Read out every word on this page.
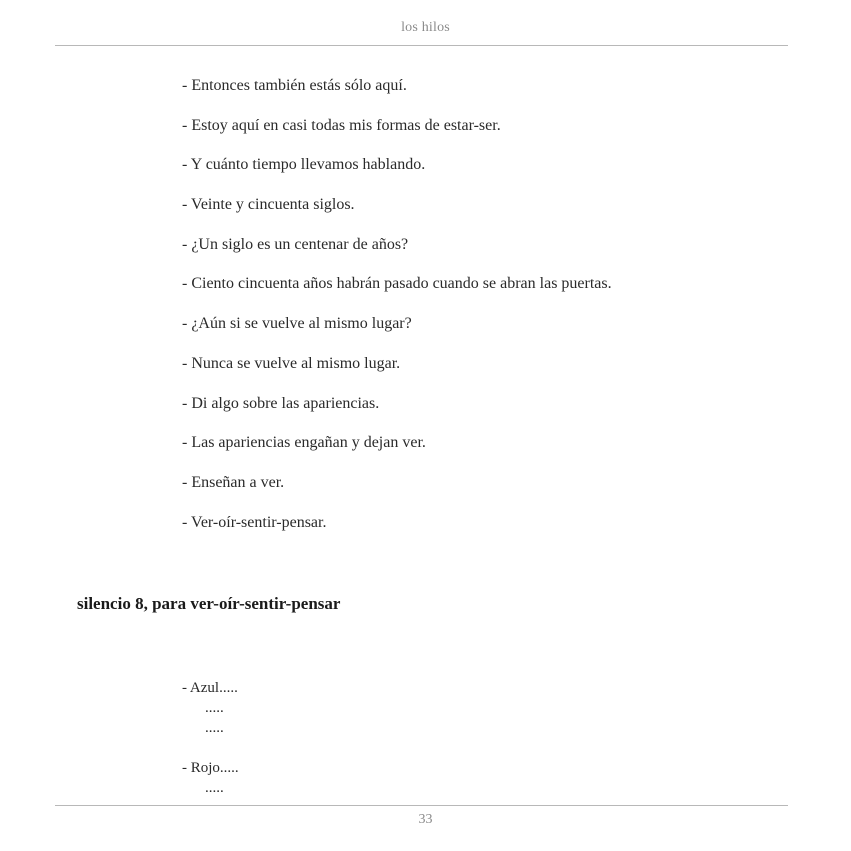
los hilos
- Entonces también estás sólo aquí.
- Estoy aquí en casi todas mis formas de estar-ser.
- Y cuánto tiempo llevamos hablando.
- Veinte y cincuenta siglos.
- ¿Un siglo es un centenar de años?
- Ciento cincuenta años habrán pasado cuando se abran las puertas.
- ¿Aún si se vuelve al mismo lugar?
- Nunca se vuelve al mismo lugar.
- Di algo sobre las apariencias.
- Las apariencias engañan y dejan ver.
- Enseñan a ver.
- Ver-oír-sentir-pensar.
silencio 8, para ver-oír-sentir-pensar
- Azul.....
.....
.....
- Rojo.....
.....
33
